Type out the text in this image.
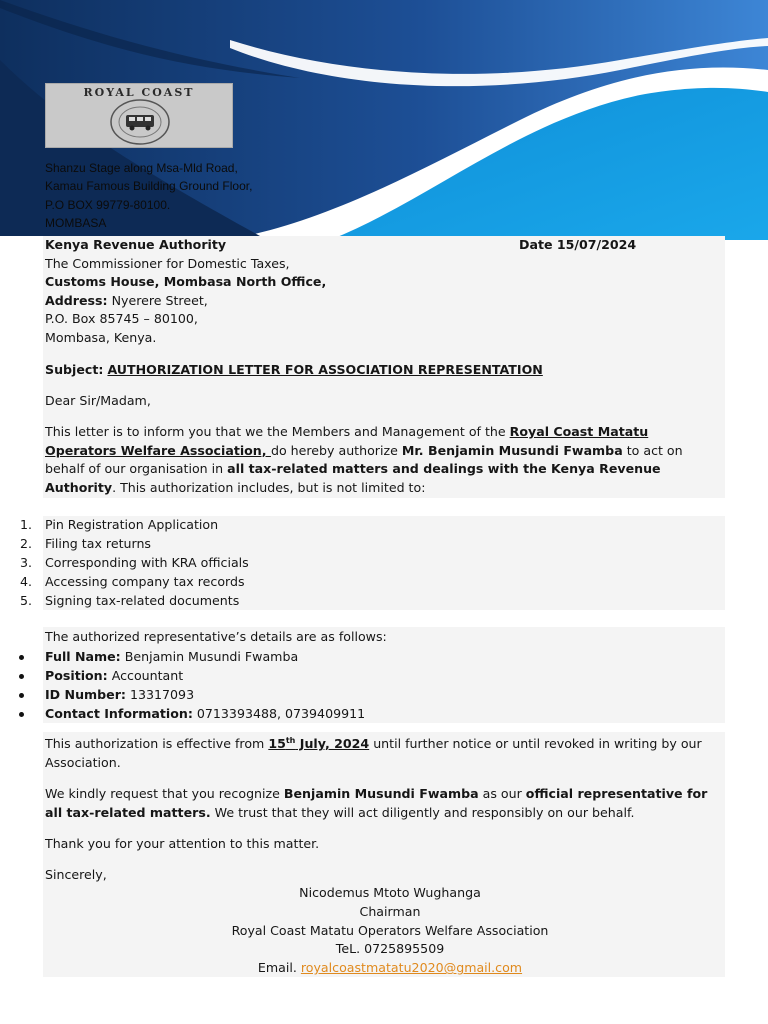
ROYAL COAST
Shanzu Stage along Msa-Mld Road,
Kamau Famous Building Ground Floor,
P.O BOX 99779-80100.
MOMBASA
Kenya Revenue Authority
The Commissioner for Domestic Taxes,
Customs House, Mombasa North Office,
Address: Nyerere Street,
P.O. Box 85745 – 80100,
Mombasa, Kenya.
Date 15/07/2024
Subject: AUTHORIZATION LETTER FOR ASSOCIATION REPRESENTATION
Dear Sir/Madam,
This letter is to inform you that we the Members and Management of the Royal Coast Matatu Operators Welfare Association, do hereby authorize Mr. Benjamin Musundi Fwamba to act on behalf of our organisation in all tax-related matters and dealings with the Kenya Revenue Authority. This authorization includes, but is not limited to:
1. Pin Registration Application
2. Filing tax returns
3. Corresponding with KRA officials
4. Accessing company tax records
5. Signing tax-related documents
The authorized representative’s details are as follows:
Full Name: Benjamin Musundi Fwamba
Position: Accountant
ID Number: 13317093
Contact Information: 0713393488, 0739409911
This authorization is effective from 15th July, 2024 until further notice or until revoked in writing by our Association.
We kindly request that you recognize Benjamin Musundi Fwamba as our official representative for all tax-related matters. We trust that they will act diligently and responsibly on our behalf.
Thank you for your attention to this matter.
Sincerely,
Nicodemus Mtoto Wughanga
Chairman
Royal Coast Matatu Operators Welfare Association
TeL. 0725895509
Email. royalcoastmatatu2020@gmail.com
